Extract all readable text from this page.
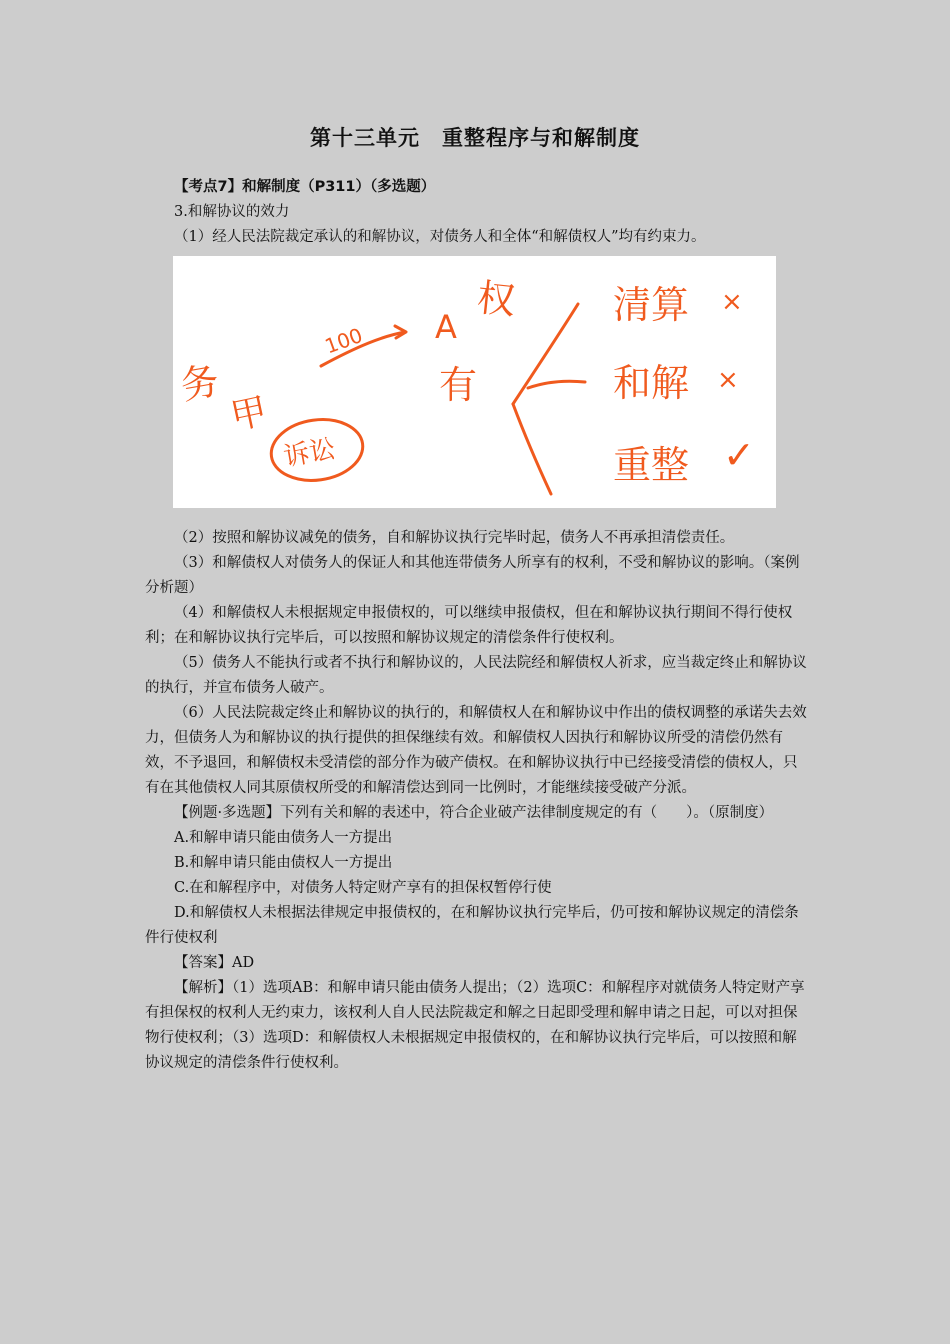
第十三单元　重整程序与和解制度

【考点7】和解制度（P311）（多选题）

3.和解协议的效力

（1）经人民法院裁定承认的和解协议，对债务人和全体“和解债权人”均有约束力。

务
甲
诉讼
100 A
权
有
清算
和解
重整
×
×
✓

（2）按照和解协议减免的债务，自和解协议执行完毕时起，债务人不再承担清偿责任。

（3）和解债权人对债务人的保证人和其他连带债务人所享有的权利，不受和解协议的影响。（案例分析题）

（4）和解债权人未根据规定申报债权的，可以继续申报债权，但在和解协议执行期间不得行使权利；在和解协议执行完毕后，可以按照和解协议规定的清偿条件行使权利。

（5）债务人不能执行或者不执行和解协议的，人民法院经和解债权人祈求，应当裁定终止和解协议的执行，并宣布债务人破产。

（6）人民法院裁定终止和解协议的执行的，和解债权人在和解协议中作出的债权调整的承诺失去效力，但债务人为和解协议的执行提供的担保继续有效。和解债权人因执行和解协议所受的清偿仍然有效，不予退回，和解债权未受清偿的部分作为破产债权。在和解协议执行中已经接受清偿的债权人，只有在其他债权人同其原债权所受的和解清偿达到同一比例时，才能继续接受破产分派。

【例题·多选题】下列有关和解的表述中，符合企业破产法律制度规定的有（　　）。（原制度）

A.和解申请只能由债务人一方提出

B.和解申请只能由债权人一方提出

C.在和解程序中，对债务人特定财产享有的担保权暂停行使

D.和解债权人未根据法律规定申报债权的，在和解协议执行完毕后，仍可按和解协议规定的清偿条件行使权利

【答案】AD

【解析】（1）选项AB：和解申请只能由债务人提出；（2）选项C：和解程序对就债务人特定财产享有担保权的权利人无约束力，该权利人自人民法院裁定和解之日起即受理和解申请之日起，可以对担保物行使权利；（3）选项D：和解债权人未根据规定申报债权的，在和解协议执行完毕后，可以按照和解协议规定的清偿条件行使权利。
